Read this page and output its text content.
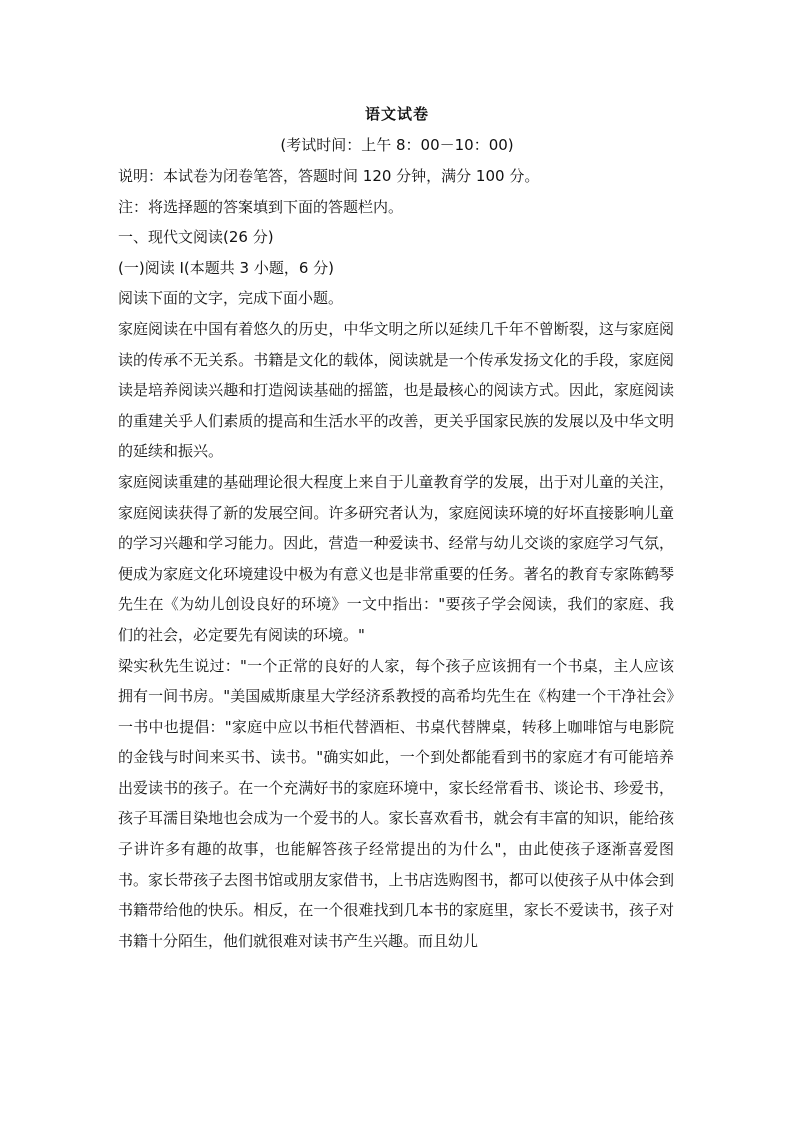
语文试卷
(考试时间：上午 8：00－10：00)

说明：本试卷为闭卷笔答，答题时间 120 分钟，满分 100 分。

注：将选择题的答案填到下面的答题栏内。

一、现代文阅读(26 分)

(一)阅读 I(本题共 3 小题，6 分)

阅读下面的文字，完成下面小题。

家庭阅读在中国有着悠久的历史，中华文明之所以延续几千年不曾断裂，这与家庭阅读的传承不无关系。书籍是文化的载体，阅读就是一个传承发扬文化的手段，家庭阅读是培养阅读兴趣和打造阅读基础的摇篮，也是最核心的阅读方式。因此，家庭阅读的重建关乎人们素质的提高和生活水平的改善，更关乎国家民族的发展以及中华文明的延续和振兴。

家庭阅读重建的基础理论很大程度上来自于儿童教育学的发展，出于对儿童的关注，家庭阅读获得了新的发展空间。许多研究者认为，家庭阅读环境的好坏直接影响儿童的学习兴趣和学习能力。因此，营造一种爱读书、经常与幼儿交谈的家庭学习气氛，便成为家庭文化环境建设中极为有意义也是非常重要的任务。著名的教育专家陈鹤琴先生在《为幼儿创设良好的环境》一文中指出："要孩子学会阅读，我们的家庭、我们的社会，必定要先有阅读的环境。"

梁实秋先生说过："一个正常的良好的人家，每个孩子应该拥有一个书桌，主人应该拥有一间书房。"美国威斯康星大学经济系教授的高希均先生在《构建一个干净社会》一书中也提倡："家庭中应以书柜代替酒柜、书桌代替牌桌，转移上咖啡馆与电影院的金钱与时间来买书、读书。"确实如此，一个到处都能看到书的家庭才有可能培养出爱读书的孩子。在一个充满好书的家庭环境中，家长经常看书、谈论书、珍爱书，孩子耳濡目染地也会成为一个爱书的人。家长喜欢看书，就会有丰富的知识，能给孩子讲许多有趣的故事，也能解答孩子经常提出的为什么"，由此使孩子逐渐喜爱图书。家长带孩子去图书馆或朋友家借书，上书店选购图书，都可以使孩子从中体会到书籍带给他的快乐。相反，在一个很难找到几本书的家庭里，家长不爱读书，孩子对书籍十分陌生，他们就很难对读书产生兴趣。而且幼儿
